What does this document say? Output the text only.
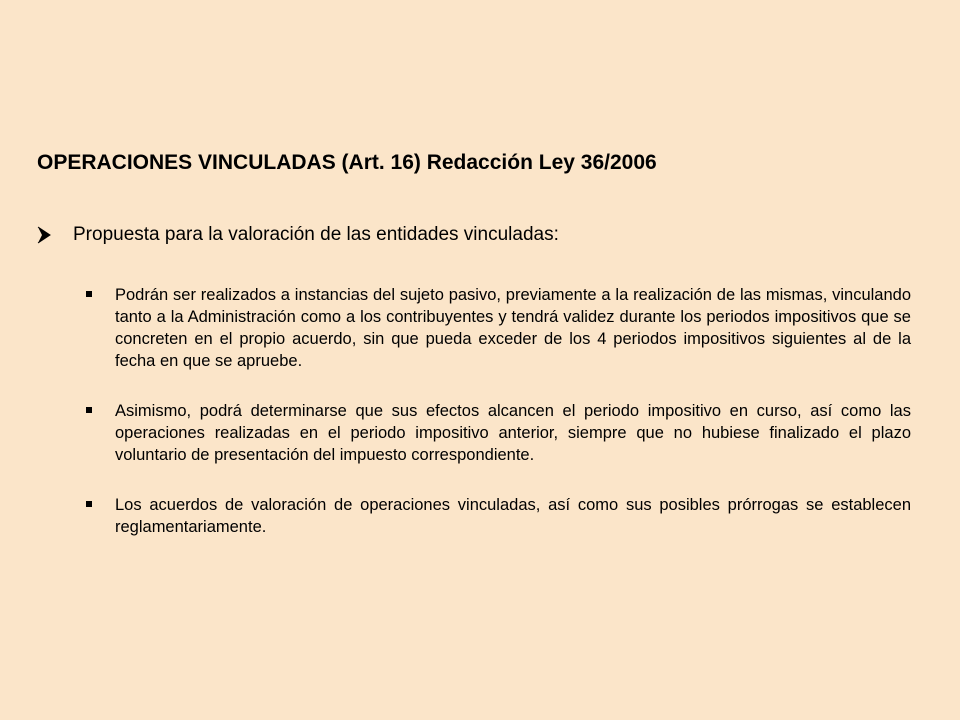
OPERACIONES VINCULADAS (Art. 16) Redacción Ley 36/2006
Propuesta para la valoración de las entidades vinculadas:
Podrán ser realizados a instancias del sujeto pasivo, previamente a la realización de las mismas, vinculando tanto a la Administración como a los contribuyentes y tendrá validez durante los periodos impositivos que se concreten en el propio acuerdo, sin que pueda exceder de los 4 periodos impositivos siguientes al de la fecha en que se apruebe.
Asimismo, podrá determinarse que sus efectos alcancen el periodo impositivo en curso, así como las operaciones realizadas en el periodo impositivo anterior, siempre que no hubiese finalizado el plazo voluntario de presentación del impuesto correspondiente.
Los acuerdos de valoración de operaciones vinculadas, así como sus posibles prórrogas se establecen reglamentariamente.
